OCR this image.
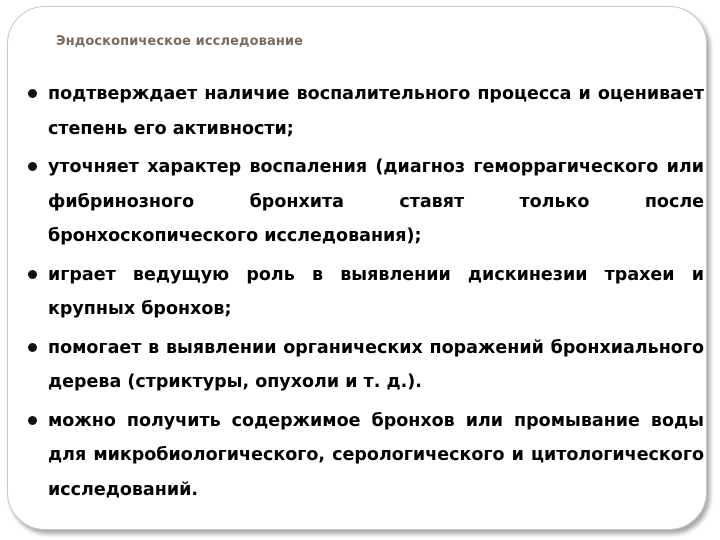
Эндоскопическое исследование
подтверждает наличие воспалительного процесса и оценивает степень его активности;
уточняет характер воспаления (диагноз геморрагического или фибринозного бронхита ставят только после бронхоскопического исследования);
играет ведущую роль в выявлении дискинезии трахеи и крупных бронхов;
помогает в выявлении органических поражений бронхиального дерева (стриктуры, опухоли и т. д.).
можно получить содержимое бронхов или промывание воды для микробиологического, серологического и цитологического исследований.
